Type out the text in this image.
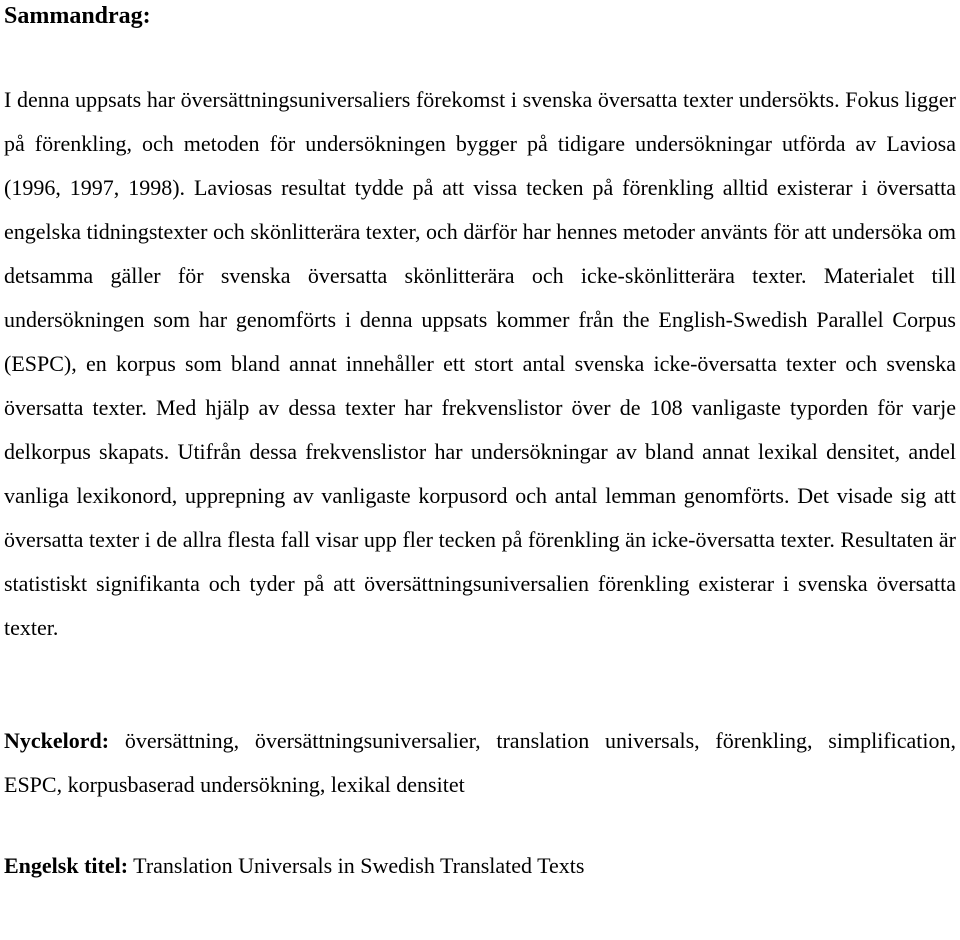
Sammandrag:

I denna uppsats har översättningsuniversaliers förekomst i svenska översatta texter undersökts. Fokus ligger på förenkling, och metoden för undersökningen bygger på tidigare undersökningar utförda av Laviosa (1996, 1997, 1998). Laviosas resultat tydde på att vissa tecken på förenkling alltid existerar i översatta engelska tidningstexter och skönlitterära texter, och därför har hennes metoder använts för att undersöka om detsamma gäller för svenska översatta skönlitterära och icke-skönlitterära texter. Materialet till undersökningen som har genomförts i denna uppsats kommer från the English-Swedish Parallel Corpus (ESPC), en korpus som bland annat innehåller ett stort antal svenska icke-översatta texter och svenska översatta texter. Med hjälp av dessa texter har frekvenslistor över de 108 vanligaste typorden för varje delkorpus skapats. Utifrån dessa frekvenslistor har undersökningar av bland annat lexikal densitet, andel vanliga lexikonord, upprepning av vanligaste korpusord och antal lemman genomförts. Det visade sig att översatta texter i de allra flesta fall visar upp fler tecken på förenkling än icke-översatta texter. Resultaten är statistiskt signifikanta och tyder på att översättningsuniversalien förenkling existerar i svenska översatta texter.

Nyckelord: översättning, översättningsuniversalier, translation universals, förenkling, simplification, ESPC, korpusbaserad undersökning, lexikal densitet

Engelsk titel: Translation Universals in Swedish Translated Texts
